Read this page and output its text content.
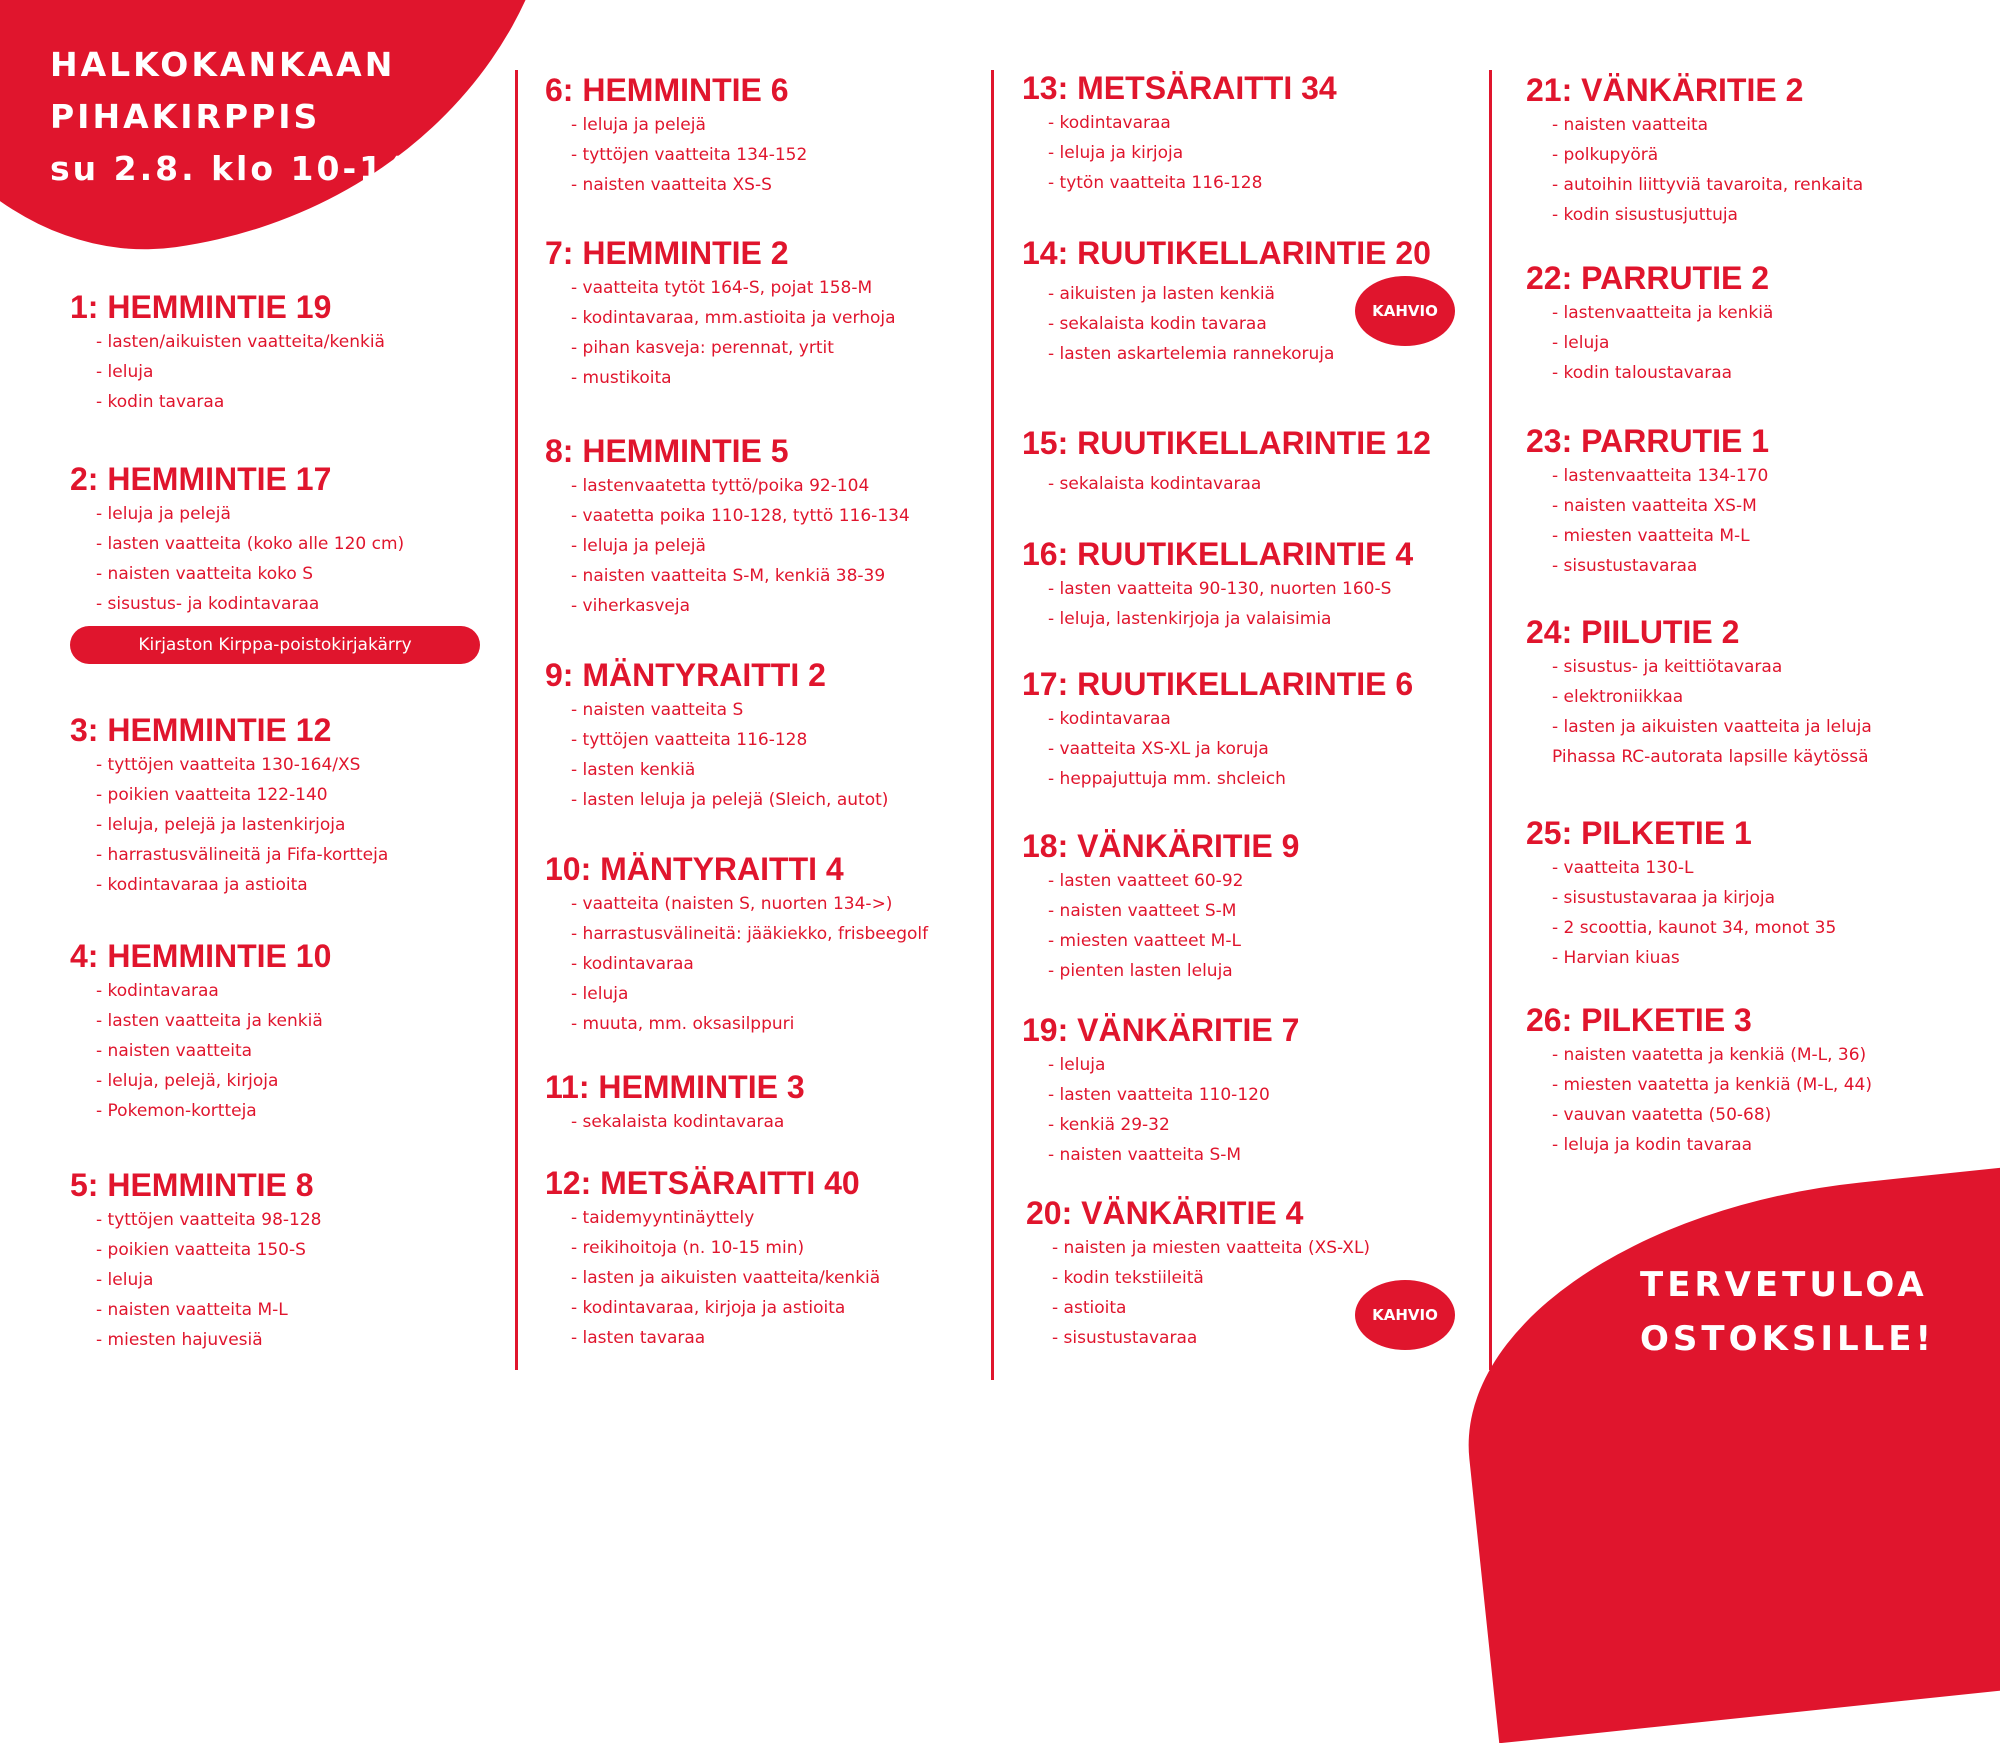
HALKOKANKAAN
PIHAKIRPPIS
su 2.8. klo 10-14
TERVETULOA
OSTOKSILLE!
1: HEMMINTIE 19
- lasten/aikuisten vaatteita/kenkiä
- leluja
- kodin tavaraa
2: HEMMINTIE 17
- leluja ja pelejä
- lasten vaatteita (koko alle 120 cm)
- naisten vaatteita koko S
- sisustus- ja kodintavaraa
Kirjaston Kirppa-poistokirjakärry
3: HEMMINTIE 12
- tyttöjen vaatteita 130-164/XS
- poikien vaatteita 122-140
- leluja, pelejä ja lastenkirjoja
- harrastusvälineitä ja Fifa-kortteja
- kodintavaraa ja astioita
4: HEMMINTIE 10
- kodintavaraa
- lasten vaatteita ja kenkiä
- naisten vaatteita
- leluja, pelejä, kirjoja
- Pokemon-kortteja
5: HEMMINTIE 8
- tyttöjen vaatteita 98-128
- poikien vaatteita 150-S
- leluja
- naisten vaatteita M-L
- miesten hajuvesiä
6: HEMMINTIE 6
- leluja ja pelejä
- tyttöjen vaatteita 134-152
- naisten vaatteita XS-S
7: HEMMINTIE 2
- vaatteita tytöt 164-S, pojat 158-M
- kodintavaraa, mm.astioita ja verhoja
- pihan kasveja: perennat, yrtit
- mustikoita
8: HEMMINTIE 5
- lastenvaatetta tyttö/poika 92-104
- vaatetta poika 110-128, tyttö 116-134
- leluja ja pelejä
- naisten vaatteita S-M, kenkiä 38-39
- viherkasveja
9: MÄNTYRAITTI 2
- naisten vaatteita S
- tyttöjen vaatteita 116-128
- lasten kenkiä
- lasten leluja ja pelejä (Sleich, autot)
10: MÄNTYRAITTI 4
- vaatteita (naisten S, nuorten 134->)
- harrastusvälineitä: jääkiekko, frisbeegolf
- kodintavaraa
- leluja
- muuta, mm. oksasilppuri
11: HEMMINTIE 3
- sekalaista kodintavaraa
12: METSÄRAITTI 40
- taidemyyntinäyttely
- reikihoitoja (n. 10-15 min)
- lasten ja aikuisten vaatteita/kenkiä
- kodintavaraa, kirjoja ja astioita
- lasten tavaraa
13: METSÄRAITTI 34
- kodintavaraa
- leluja ja kirjoja
- tytön vaatteita 116-128
14: RUUTIKELLARINTIE 20
- aikuisten ja lasten kenkiä
- sekalaista kodin tavaraa
- lasten askartelemia rannekoruja
KAHVIO
15: RUUTIKELLARINTIE 12
- sekalaista kodintavaraa
16: RUUTIKELLARINTIE 4
- lasten vaatteita 90-130, nuorten 160-S
- leluja, lastenkirjoja ja valaisimia
17: RUUTIKELLARINTIE 6
- kodintavaraa
- vaatteita XS-XL ja koruja
- heppajuttuja mm. shcleich
18: VÄNKÄRITIE 9
- lasten vaatteet 60-92
- naisten vaatteet S-M
- miesten vaatteet M-L
- pienten lasten leluja
19: VÄNKÄRITIE 7
- leluja
- lasten vaatteita 110-120
- kenkiä 29-32
- naisten vaatteita S-M
20: VÄNKÄRITIE 4
- naisten ja miesten vaatteita (XS-XL)
- kodin tekstiileitä
- astioita
- sisustustavaraa
KAHVIO
21: VÄNKÄRITIE 2
- naisten vaatteita
- polkupyörä
- autoihin liittyviä tavaroita, renkaita
- kodin sisustusjuttuja
22: PARRUTIE 2
- lastenvaatteita ja kenkiä
- leluja
- kodin taloustavaraa
23: PARRUTIE 1
- lastenvaatteita 134-170
- naisten vaatteita XS-M
- miesten vaatteita M-L
- sisustustavaraa
24: PIILUTIE 2
- sisustus- ja keittiötavaraa
- elektroniikkaa
- lasten ja aikuisten vaatteita ja leluja
Pihassa RC-autorata lapsille käytössä
25: PILKETIE 1
- vaatteita 130-L
- sisustustavaraa ja kirjoja
- 2 scoottia, kaunot 34, monot 35
- Harvian kiuas
26: PILKETIE 3
- naisten vaatetta ja kenkiä (M-L, 36)
- miesten vaatetta ja kenkiä (M-L, 44)
- vauvan vaatetta (50-68)
- leluja ja kodin tavaraa
